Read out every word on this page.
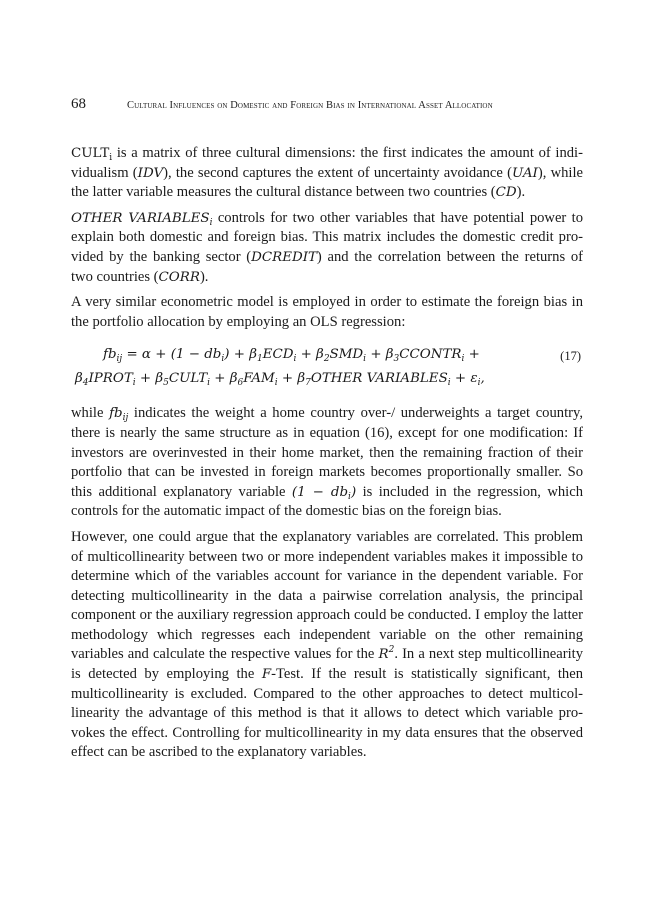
68	Cultural Influences on Domestic and Foreign Bias in International Asset Allocation

$CULT_i$ is a matrix of three cultural dimensions: the first indicates the amount of individualism (IDV), the second captures the extent of uncertainty avoidance (UAI), while the latter variable measures the cultural distance between two countries (CD).

OTHER $VARIABLES_i$ controls for two other variables that have potential power to explain both domestic and foreign bias. This matrix includes the domestic credit provided by the banking sector (DCREDIT) and the correlation between the returns of two countries (CORR).

A very similar econometric model is employed in order to estimate the foreign bias in the portfolio allocation by employing an OLS regression:

$fb_{ij} = \alpha + (1 - db_i) + \beta_1ECD_i + \beta_2SMD_i$ + $\beta_3CCONTR_i$ +
$\beta_4IPROT_i$ + $\beta_5CULT_i + \beta_6FAM_i$ + $\beta_7OTHER$ $VARIABLES_i + \varepsilon_i$,
(17)

while $fb_{ij}$ indicates the weight a home country over-/ underweights a target country, there is nearly the same structure as in equation (16), except for one modification: If investors are overinvested in their home market, then the remaining fraction of their portfolio that can be invested in foreign markets becomes proportionally smaller. So this additional explanatory variable $(1 - db_i)$ is included in the regression, which controls for the automatic impact of the domestic bias on the foreign bias.

However, one could argue that the explanatory variables are correlated. This problem of multicollinearity between two or more independent variables makes it impossible to determine which of the variables account for variance in the dependent variable. For detecting multicollinearity in the data a pairwise correlation analysis, the principal component or the auxiliary regression approach could be conducted. I employ the latter methodology which regresses each independent variable on the other remaining variables and calculate the respective values for the $R^2$. In a next step multicollinearity is detected by employing the F-Test. If the result is statistically significant, then multicollinearity is excluded. Compared to the other approaches to detect multicollinearity the advantage of this method is that it allows to detect which variable provokes the effect. Controlling for multicollinearity in my data ensures that the observed effect can be ascribed to the explanatory variables.
